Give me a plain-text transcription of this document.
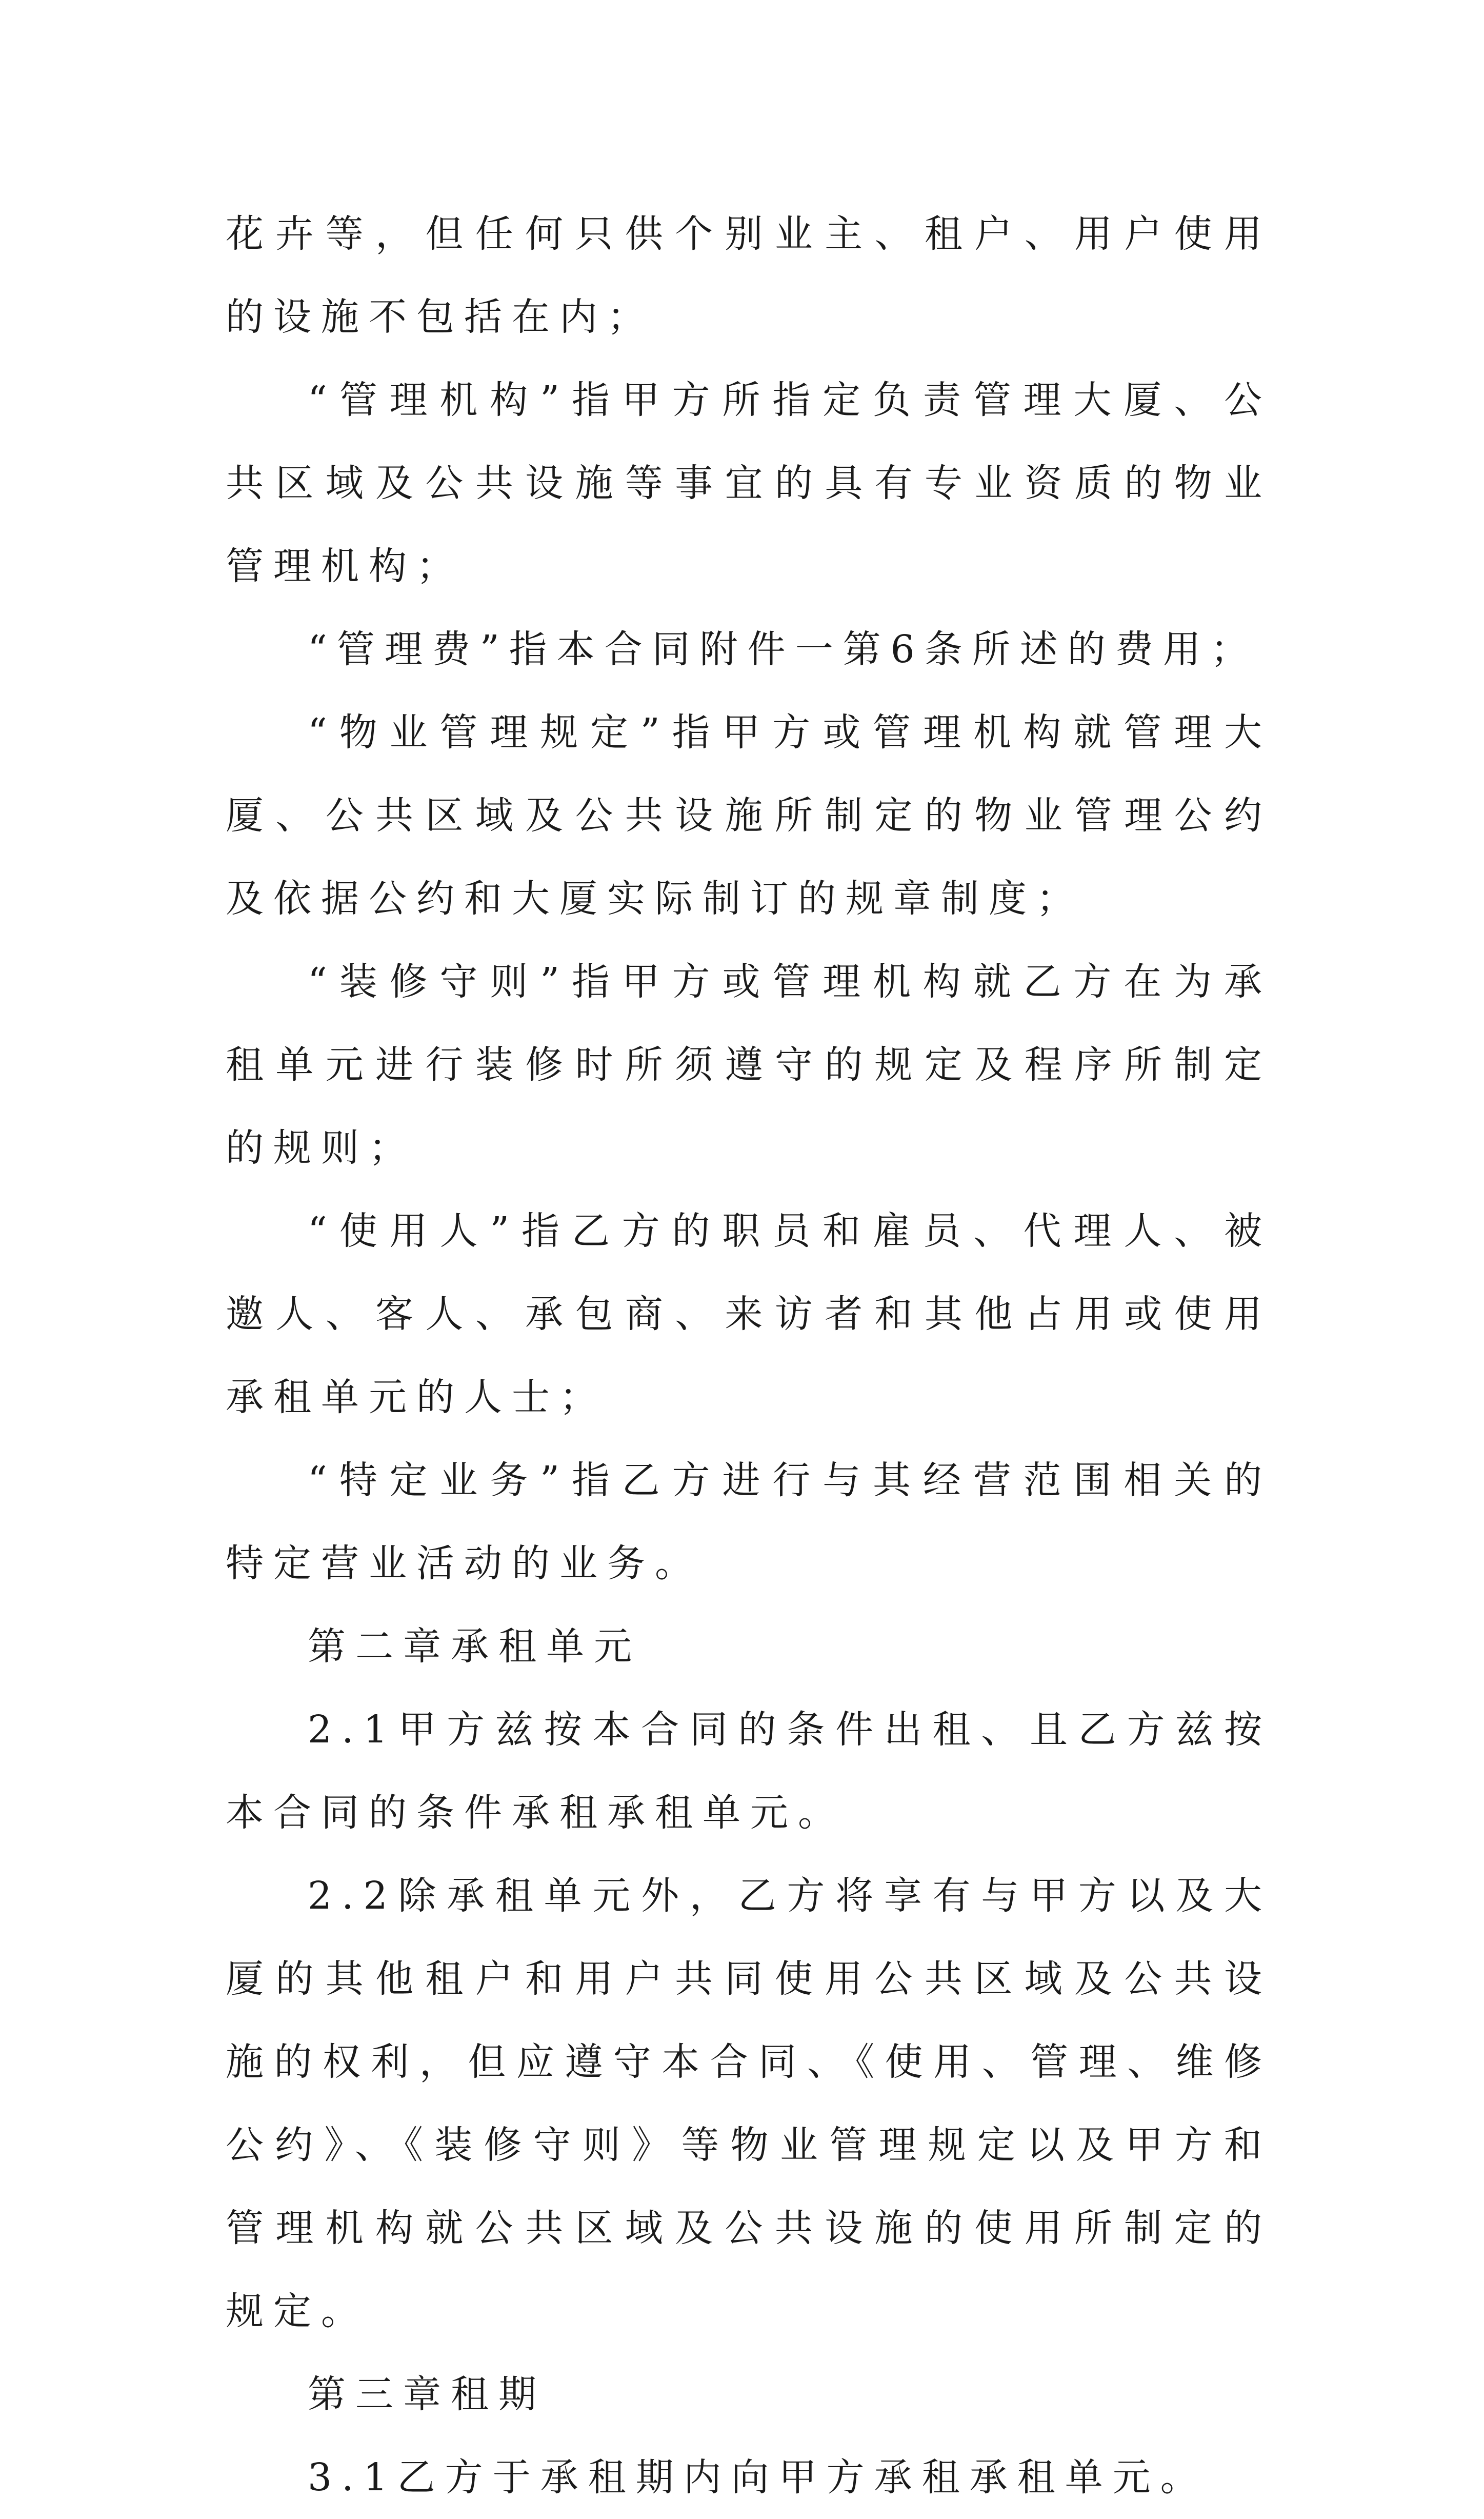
花卉等，但任何只供个别业主、租户、用户使用的设施不包括在内；

“管理机构”指甲方所指定负责管理大厦、公共区域及公共设施等事宜的具有专业资质的物业管理机构；

“管理费”指本合同附件一第6条所述的费用；

“物业管理规定”指甲方或管理机构就管理大厦、公共区域及公共设施所制定的物业管理公约及依据公约和大厦实际制订的规章制度；

“装修守则”指甲方或管理机构就乙方在为承租单元进行装修时所须遵守的规定及程序所制定的规则；

“使用人”指乙方的职员和雇员、代理人、被邀人、客人、承包商、来访者和其他占用或使用承租单元的人士；

“特定业务”指乙方进行与其经营范围相关的特定营业活动的业务。

第二章承租单元

2.1甲方兹按本合同的条件出租、且乙方兹按本合同的条件承租承租单元。

2.2除承租单元外，乙方将享有与甲方以及大厦的其他租户和用户共同使用公共区域及公共设施的权利，但应遵守本合同、《使用、管理、维修公约》、《装修守则》等物业管理规定以及甲方和管理机构就公共区域及公共设施的使用所制定的规定。

第三章租期

3.1乙方于承租期内向甲方承租承租单元。
